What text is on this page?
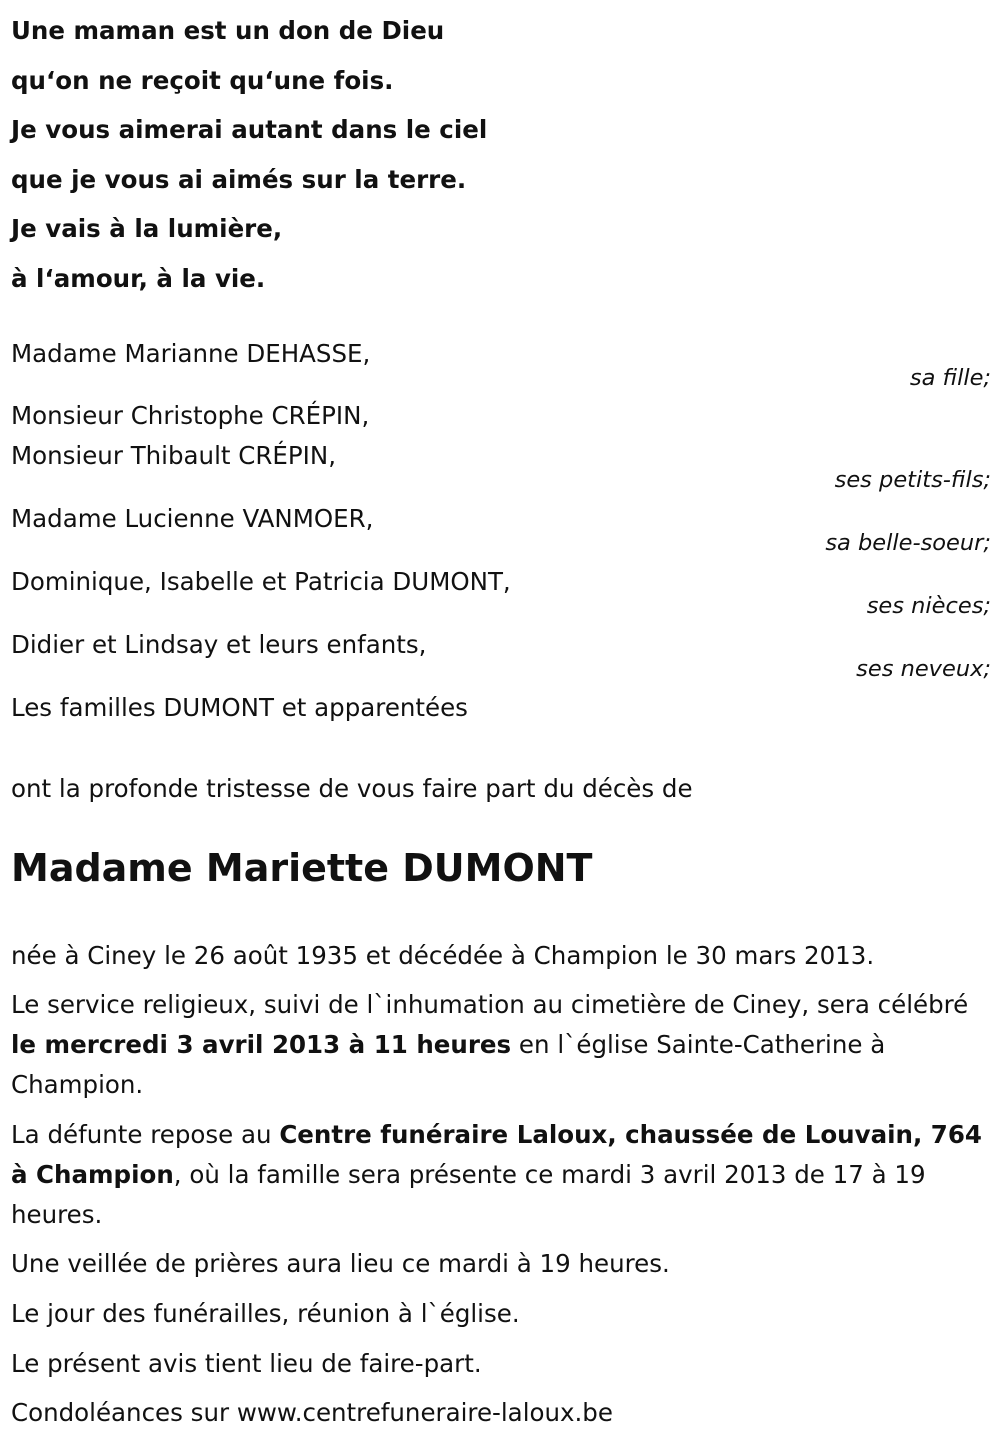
Une maman est un don de Dieu
qu‘on ne reçoit qu‘une fois.
Je vous aimerai autant dans le ciel
que je vous ai aimés sur la terre.
Je vais à la lumière,
à l‘amour, à la vie.
Madame Marianne DEHASSE,
sa fille;
Monsieur Christophe CRÉPIN,
Monsieur Thibault CRÉPIN,
ses petits-fils;
Madame Lucienne VANMOER,
sa belle-soeur;
Dominique, Isabelle et Patricia DUMONT,
ses nièces;
Didier et Lindsay et leurs enfants,
ses neveux;
Les familles DUMONT et apparentées
ont la profonde tristesse de vous faire part du décès de
Madame Mariette DUMONT
née à Ciney le 26 août 1935 et décédée à Champion le 30 mars 2013.
Le service religieux, suivi de l`inhumation au cimetière de Ciney, sera célébré le mercredi 3 avril 2013 à 11 heures en l`église Sainte-Catherine à Champion.
La défunte repose au Centre funéraire Laloux, chaussée de Louvain, 764 à Champion, où la famille sera présente ce mardi 3 avril 2013 de 17 à 19 heures.
Une veillée de prières aura lieu ce mardi à 19 heures.
Le jour des funérailles, réunion à l`église.
Le présent avis tient lieu de faire-part.
Condoléances sur www.centrefuneraire-laloux.be
